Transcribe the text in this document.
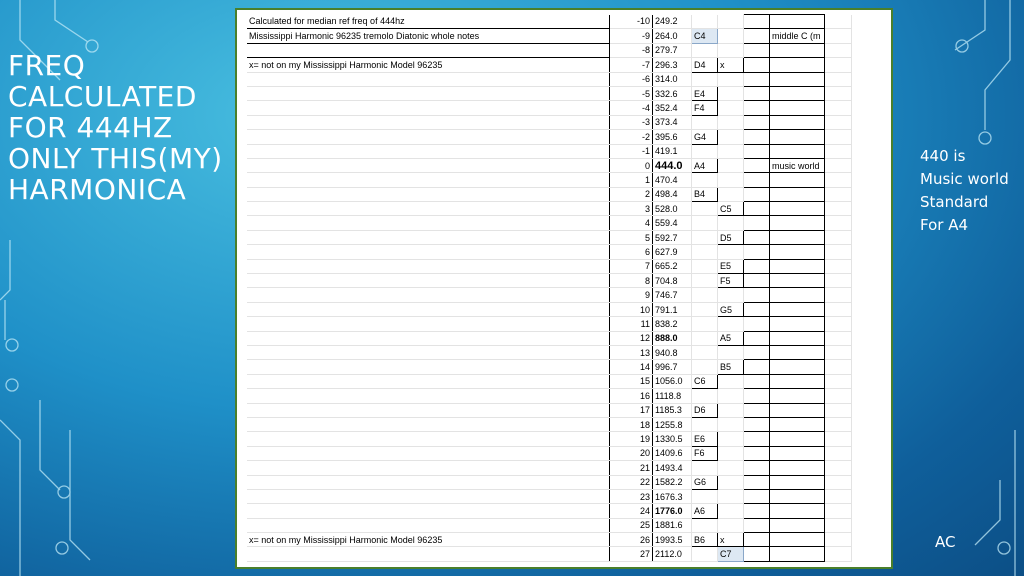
FREQ
CALCULATED
FOR 444HZ
ONLY THIS(MY)
HARMONICA
440 is
Music world
Standard
For A4
AC
Calculated for median ref freq of 444hz	-10	249.2					
Mississippi Harmonic 96235 tremolo Diatonic whole notes	-9	264.0	C4			middle C (m	
	-8	279.7					
x= not on my Mississippi Harmonic Model 96235	-7	296.3	D4	x			
	-6	314.0					
	-5	332.6	E4				
	-4	352.4	F4				
	-3	373.4					
	-2	395.6	G4				
	-1	419.1					
	0	444.0	A4			music world	
	1	470.4					
	2	498.4	B4				
	3	528.0		C5			
	4	559.4					
	5	592.7		D5			
	6	627.9					
	7	665.2		E5			
	8	704.8		F5			
	9	746.7					
	10	791.1		G5			
	11	838.2					
	12	888.0		A5			
	13	940.8					
	14	996.7		B5			
	15	1056.0	C6				
	16	1118.8					
	17	1185.3	D6				
	18	1255.8					
	19	1330.5	E6				
	20	1409.6	F6				
	21	1493.4					
	22	1582.2	G6				
	23	1676.3					
	24	1776.0	A6				
	25	1881.6					
x= not on my Mississippi Harmonic Model 96235	26	1993.5	B6	x			
	27	2112.0		C7			
